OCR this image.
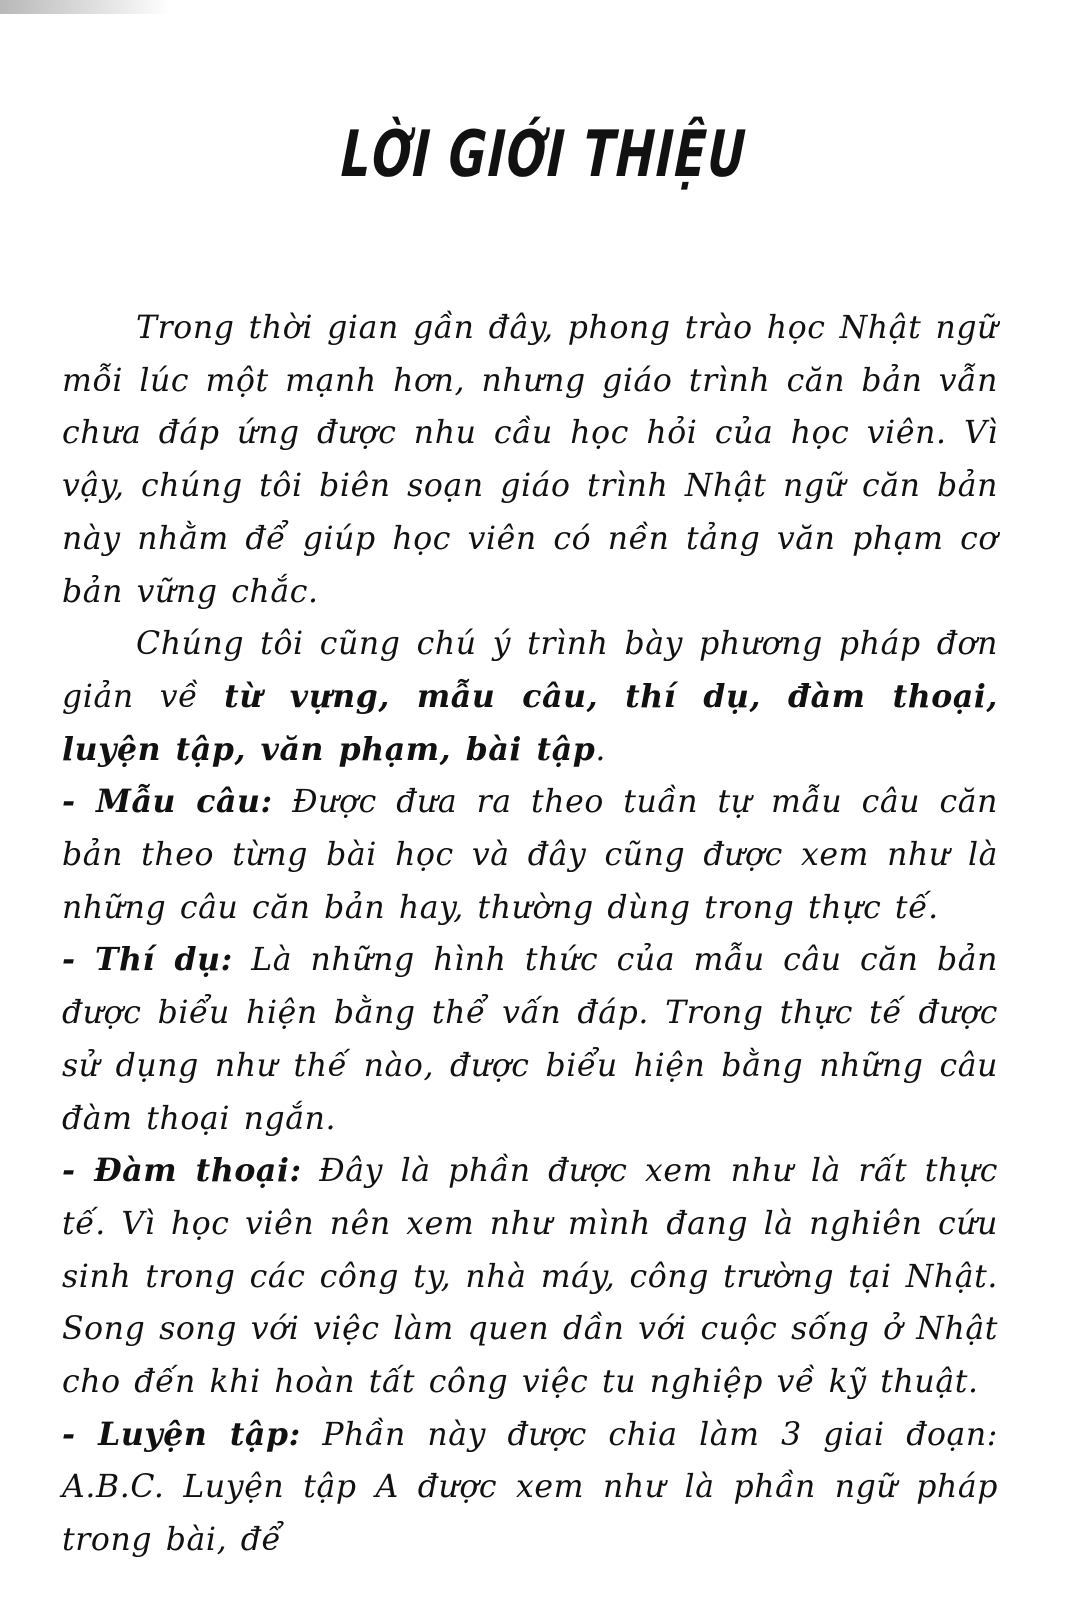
LỜI GIỚI THIỆU

Trong thời gian gần đây, phong trào học Nhật ngữ mỗi lúc một mạnh hơn, nhưng giáo trình căn bản vẫn chưa đáp ứng được nhu cầu học hỏi của học viên. Vì vậy, chúng tôi biên soạn giáo trình Nhật ngữ căn bản này nhằm để giúp học viên có nền tảng văn phạm cơ bản vững chắc.

Chúng tôi cũng chú ý trình bày phương pháp đơn giản về từ vựng, mẫu câu, thí dụ, đàm thoại, luyện tập, văn phạm, bài tập.

- Mẫu câu: Được đưa ra theo tuần tự mẫu câu căn bản theo từng bài học và đây cũng được xem như là những câu căn bản hay, thường dùng trong thực tế.

- Thí dụ: Là những hình thức của mẫu câu căn bản được biểu hiện bằng thể vấn đáp. Trong thực tế được sử dụng như thế nào, được biểu hiện bằng những câu đàm thoại ngắn.

- Đàm thoại: Đây là phần được xem như là rất thực tế. Vì học viên nên xem như mình đang là nghiên cứu sinh trong các công ty, nhà máy, công trường tại Nhật. Song song với việc làm quen dần với cuộc sống ở Nhật cho đến khi hoàn tất công việc tu nghiệp về kỹ thuật.

- Luyện tập: Phần này được chia làm 3 giai đoạn: A.B.C. Luyện tập A được xem như là phần ngữ pháp trong bài, để
